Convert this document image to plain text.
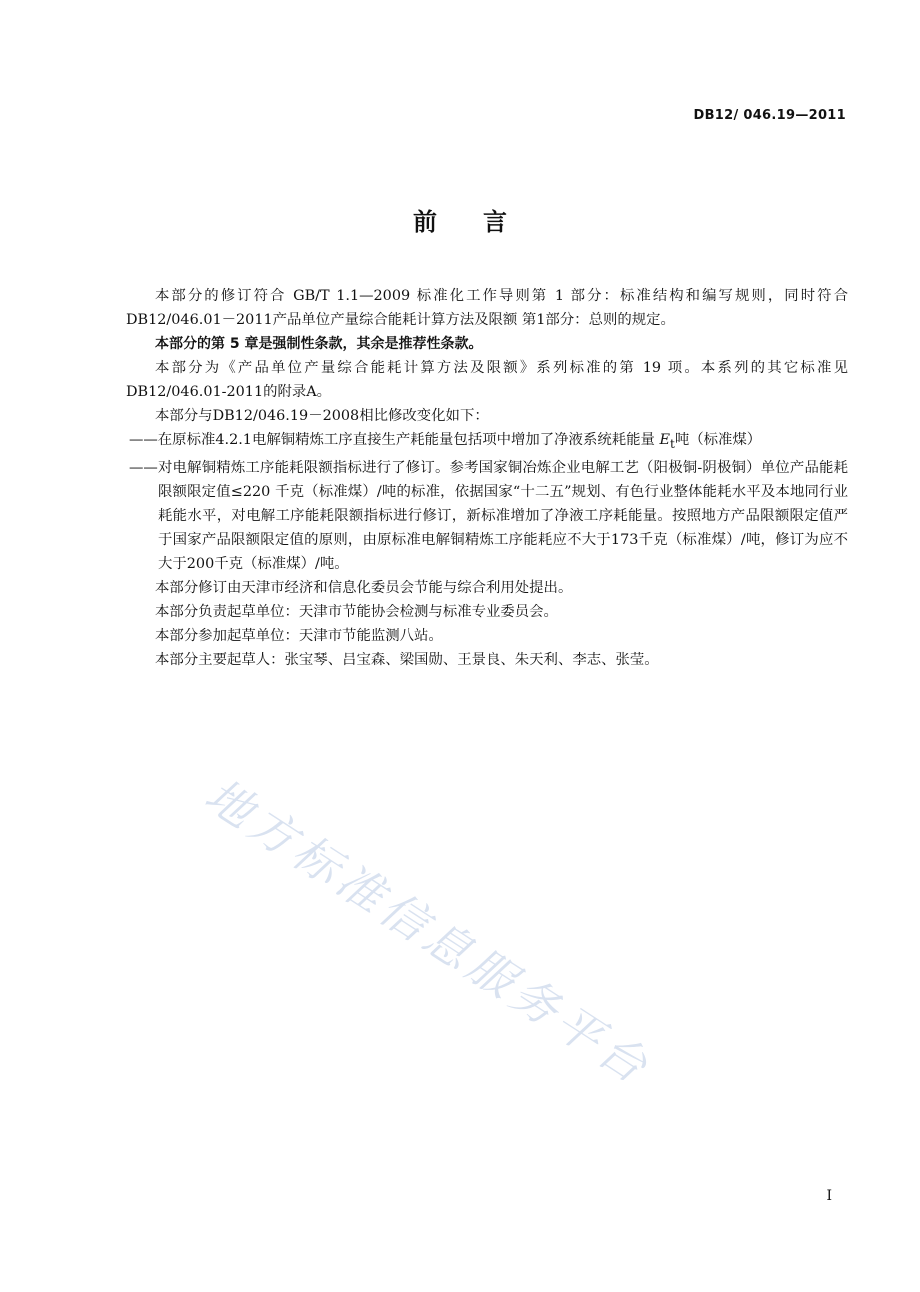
DB12/ 046.19—2011
前言

本部分的修订符合 GB/T 1.1—2009 标准化工作导则第 1 部分：标准结构和编写规则，同时符合DB12/046.01－2011产品单位产量综合能耗计算方法及限额 第1部分：总则的规定。

本部分的第 5 章是强制性条款，其余是推荐性条款。

本部分为《产品单位产量综合能耗计算方法及限额》系列标准的第 19 项。本系列的其它标准见DB12/046.01-2011的附录A。

本部分与DB12/046.19－2008相比修改变化如下：

——在原标准4.2.1电解铜精炼工序直接生产耗能量包括项中增加了净液系统耗能量 $E_t$吨（标准煤）

——对电解铜精炼工序能耗限额指标进行了修订。参考国家铜冶炼企业电解工艺（阳极铜-阴极铜）单位产品能耗限额限定值≤220 千克（标准煤）/吨的标准，依据国家“十二五”规划、有色行业整体能耗水平及本地同行业耗能水平，对电解工序能耗限额指标进行修订，新标准增加了净液工序耗能量。按照地方产品限额限定值严于国家产品限额限定值的原则，由原标准电解铜精炼工序能耗应不大于173千克（标准煤）/吨，修订为应不大于200千克（标准煤）/吨。

本部分修订由天津市经济和信息化委员会节能与综合利用处提出。

本部分负责起草单位：天津市节能协会检测与标准专业委员会。

本部分参加起草单位：天津市节能监测八站。

本部分主要起草人：张宝琴、吕宝森、梁国勋、王景良、朱天利、李志、张莹。

地方标准信息服务平台
I
